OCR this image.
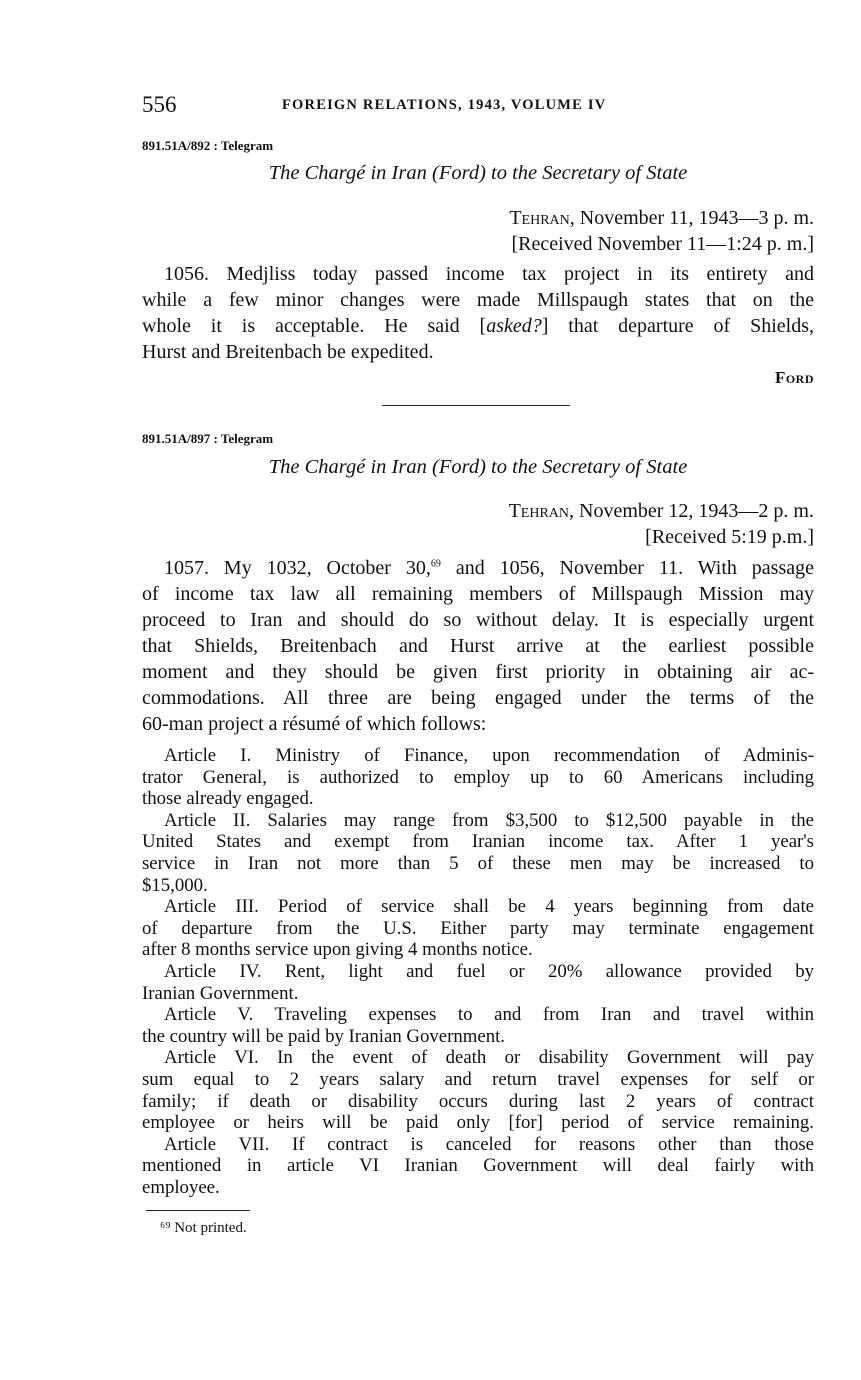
556	FOREIGN RELATIONS, 1943, VOLUME IV
891.51A/892 : Telegram
The Chargé in Iran (Ford) to the Secretary of State
Tehran, November 11, 1943—3 p. m.
[Received November 11—1:24 p. m.]
1056. Medjliss today passed income tax project in its entirety and
while a few minor changes were made Millspaugh states that on the
whole it is acceptable. He said [asked?] that departure of Shields,
Hurst and Breitenbach be expedited.
Ford
891.51A/897 : Telegram
The Chargé in Iran (Ford) to the Secretary of State
Tehran, November 12, 1943—2 p. m.
[Received 5:19 p.m.]
1057. My 1032, October 30,69 and 1056, November 11. With passage
of income tax law all remaining members of Millspaugh Mission may
proceed to Iran and should do so without delay. It is especially urgent
that Shields, Breitenbach and Hurst arrive at the earliest possible
moment and they should be given first priority in obtaining air ac-
commodations. All three are being engaged under the terms of the
60-man project a résumé of which follows:
Article I. Ministry of Finance, upon recommendation of Adminis-
trator General, is authorized to employ up to 60 Americans including
those already engaged.
Article II. Salaries may range from $3,500 to $12,500 payable in the
United States and exempt from Iranian income tax. After 1 year's
service in Iran not more than 5 of these men may be increased to
$15,000.
Article III. Period of service shall be 4 years beginning from date
of departure from the U.S. Either party may terminate engagement
after 8 months service upon giving 4 months notice.
Article IV. Rent, light and fuel or 20% allowance provided by
Iranian Government.
Article V. Traveling expenses to and from Iran and travel within
the country will be paid by Iranian Government.
Article VI. In the event of death or disability Government will pay
sum equal to 2 years salary and return travel expenses for self or
family; if death or disability occurs during last 2 years of contract
employee or heirs will be paid only [for] period of service remaining.
Article VII. If contract is canceled for reasons other than those
mentioned in article VI Iranian Government will deal fairly with
employee.
⁶⁹ Not printed.
